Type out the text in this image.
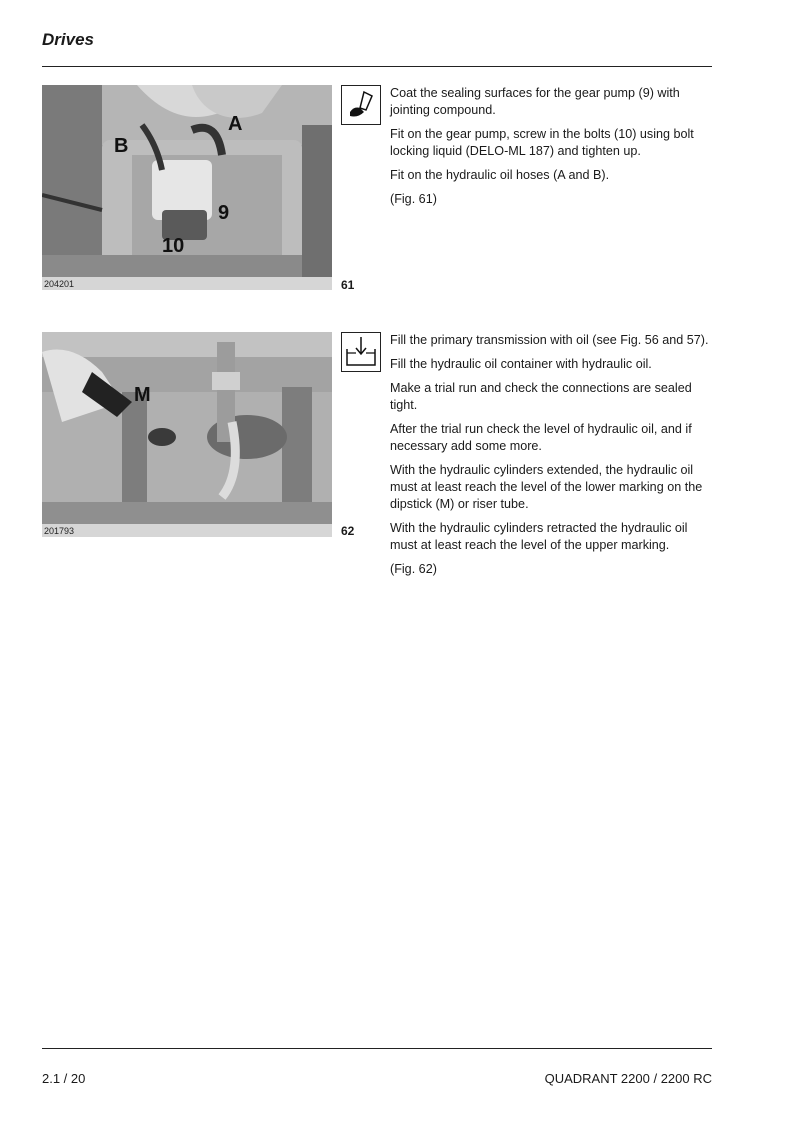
Drives
A
B
9
10
204201	61

Coat the sealing surfaces for the gear pump (9) with jointing compound.

Fit on the gear pump, screw in the bolts (10) using bolt locking liquid (DELO-ML 187) and tighten up.

Fit on the hydraulic oil hoses (A and B).

(Fig. 61)

M
201793	62

Fill the primary transmission with oil (see Fig. 56 and 57).

Fill the hydraulic oil container with hydraulic oil.

Make a trial run and check the connections are sealed tight.

After the trial run check the level of hydraulic oil, and if necessary add some more.

With the hydraulic cylinders extended, the hydraulic oil must at least reach the level of the lower marking on the dipstick (M) or riser tube.

With the hydraulic cylinders retracted the hydraulic oil must at least reach the level of the upper marking.

(Fig. 62)

2.1 / 20	QUADRANT 2200 / 2200 RC
